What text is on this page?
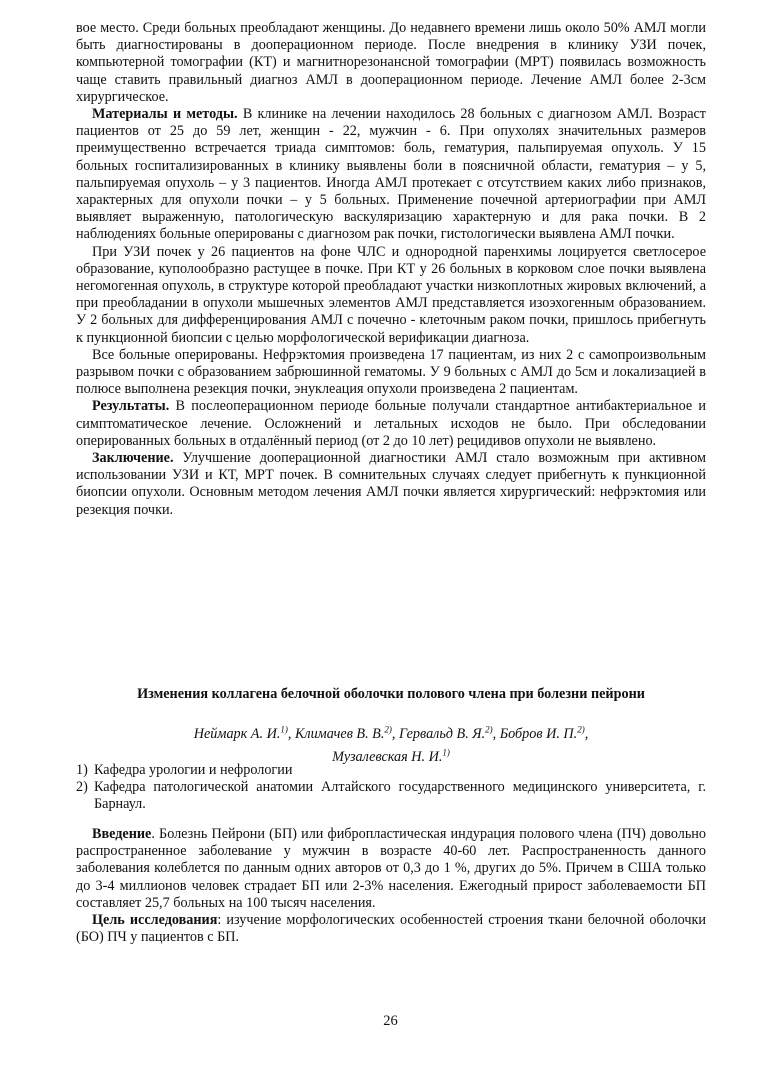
вое место. Среди больных преобладают женщины. До недавнего времени лишь около 50% АМЛ могли быть диагностированы в дооперационном периоде. После внедрения в клинику УЗИ почек, компьютерной томографии (КТ) и магнитнорезонансной томографии (МРТ) появилась возможность чаще ставить правильный диагноз АМЛ в дооперационном периоде. Лечение АМЛ более 2-3см хирургическое.

Материалы и методы. В клинике на лечении находилось 28 больных с диагнозом АМЛ. Возраст пациентов от 25 до 59 лет, женщин - 22, мужчин - 6. При опухолях значительных размеров преимущественно встречается триада симптомов: боль, гематурия, пальпируемая опухоль. У 15 больных госпитализированных в клинику выявлены боли в поясничной области, гематурия – у 5, пальпируемая опухоль – у 3 пациентов. Иногда АМЛ протекает с отсутствием каких либо признаков, характерных для опухоли почки – у 5 больных. Применение почечной артериографии при АМЛ выявляет выраженную, патологическую васкуляризацию характерную и для рака почки. В 2 наблюдениях больные оперированы с диагнозом рак почки, гистологически выявлена АМЛ почки.

При УЗИ почек у 26 пациентов на фоне ЧЛС и однородной паренхимы лоцируется светлосерое образование, куполообразно растущее в почке. При КТ у 26 больных в корковом слое почки выявлена негомогенная опухоль, в структуре которой преобладают участки низкоплотных жировых включений, а при преобладании в опухоли мышечных элементов АМЛ представляется изоэхогенным образованием. У 2 больных для дифференцирования АМЛ с почечно - клеточным раком почки, пришлось прибегнуть к пункционной биопсии с целью морфологической верификации диагноза.

Все больные оперированы. Нефрэктомия произведена 17 пациентам, из них 2 с самопроизвольным разрывом почки с образованием забрюшинной гематомы. У 9 больных с АМЛ до 5см и локализацией в полюсе выполнена резекция почки, энуклеация опухоли произведена 2 пациентам.

Результаты. В послеоперационном периоде больные получали стандартное антибактериальное и симптоматическое лечение. Осложнений и летальных исходов не было. При обследовании оперированных больных в отдалённый период (от 2 до 10 лет) рецидивов опухоли не выявлено.

Заключение. Улучшение дооперационной диагностики АМЛ стало возможным при активном использовании УЗИ и КТ, МРТ почек. В сомнительных случаях следует прибегнуть к пункционной биопсии опухоли. Основным методом лечения АМЛ почки является хирургический: нефрэктомия или резекция почки.

Изменения коллагена белочной оболочки полового члена при болезни пейрони

Неймарк А. И.$^{1)}$, Климачев В. В.$^{2)}$, Гервальд В. Я.$^{2)}$, Бобров И. П.$^{2)}$,
Музалевская Н. И.$^{1)}$

1) Кафедра урологии и нефрологии

2) Кафедра патологической анатомии Алтайского государственного медицинского университета, г. Барнаул.

Введение. Болезнь Пейрони (БП) или фибропластическая индурация полового члена (ПЧ) довольно распространенное заболевание у мужчин в возрасте 40-60 лет. Распространенность данного заболевания колеблется по данным одних авторов от 0,3 до 1 %, других до 5%. Причем в США только до 3-4 миллионов человек страдает БП или 2-3% населения. Ежегодный прирост заболеваемости БП составляет 25,7 больных на 100 тысяч населения.

Цель исследования: изучение морфологических особенностей строения ткани белочной оболочки (БО) ПЧ у пациентов с БП.

26
